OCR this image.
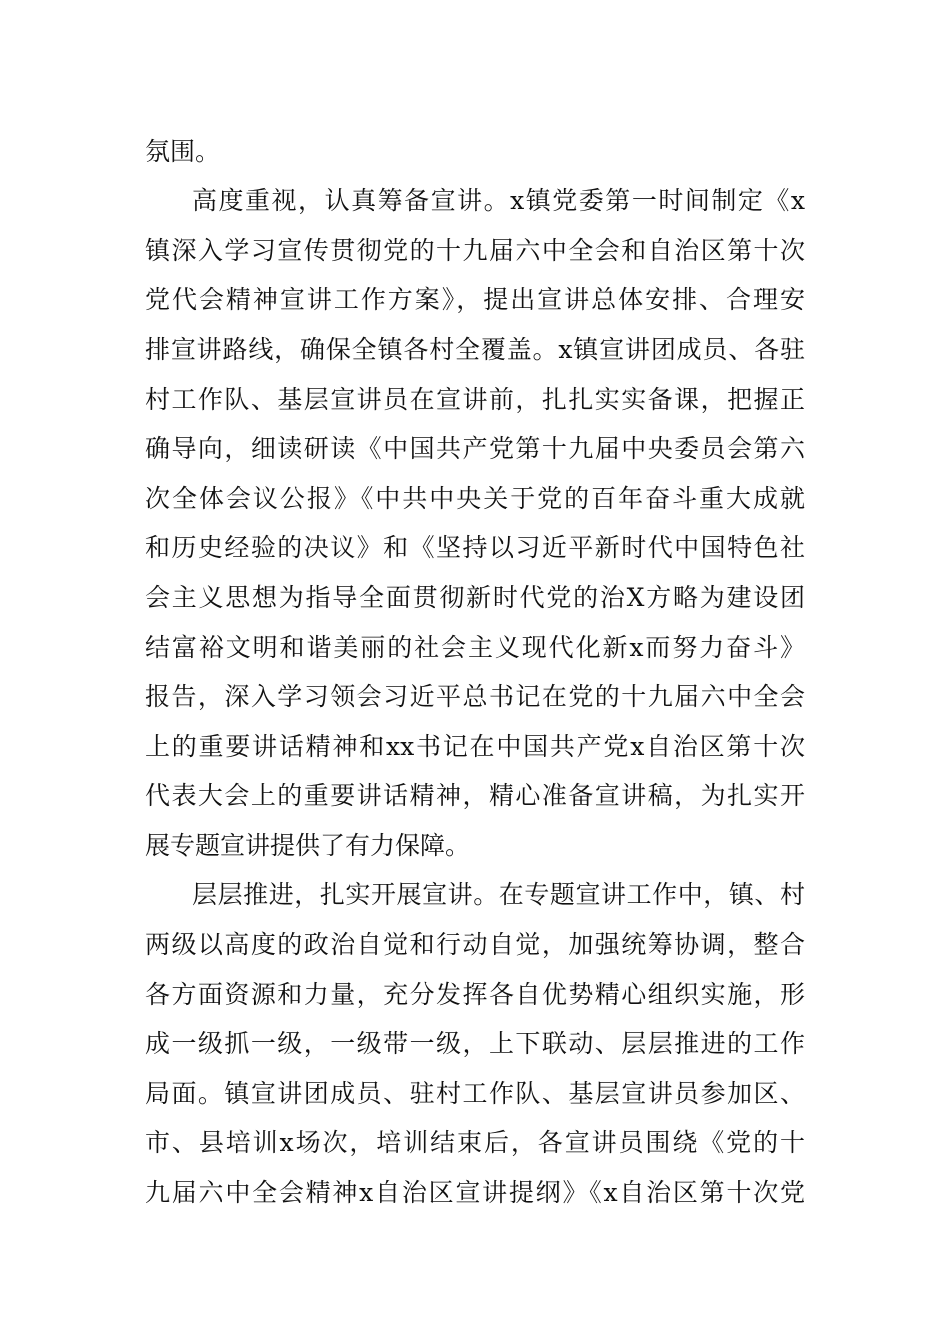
氛围。
高度重视，认真筹备宣讲。x镇党委第一时间制定《x
镇深入学习宣传贯彻党的十九届六中全会和自治区第十次
党代会精神宣讲工作方案》，提出宣讲总体安排、合理安
排宣讲路线，确保全镇各村全覆盖。x镇宣讲团成员、各驻
村工作队、基层宣讲员在宣讲前，扎扎实实备课，把握正
确导向，细读研读《中国共产党第十九届中央委员会第六
次全体会议公报》《中共中央关于党的百年奋斗重大成就
和历史经验的决议》和《坚持以习近平新时代中国特色社
会主义思想为指导全面贯彻新时代党的治X方略为建设团
结富裕文明和谐美丽的社会主义现代化新x而努力奋斗》
报告，深入学习领会习近平总书记在党的十九届六中全会
上的重要讲话精神和xx书记在中国共产党x自治区第十次
代表大会上的重要讲话精神，精心准备宣讲稿，为扎实开
展专题宣讲提供了有力保障。
层层推进，扎实开展宣讲。在专题宣讲工作中，镇、村
两级以高度的政治自觉和行动自觉，加强统筹协调，整合
各方面资源和力量，充分发挥各自优势精心组织实施，形
成一级抓一级，一级带一级，上下联动、层层推进的工作
局面。镇宣讲团成员、驻村工作队、基层宣讲员参加区、
市、县培训x场次，培训结束后，各宣讲员围绕《党的十
九届六中全会精神x自治区宣讲提纲》《x自治区第十次党
